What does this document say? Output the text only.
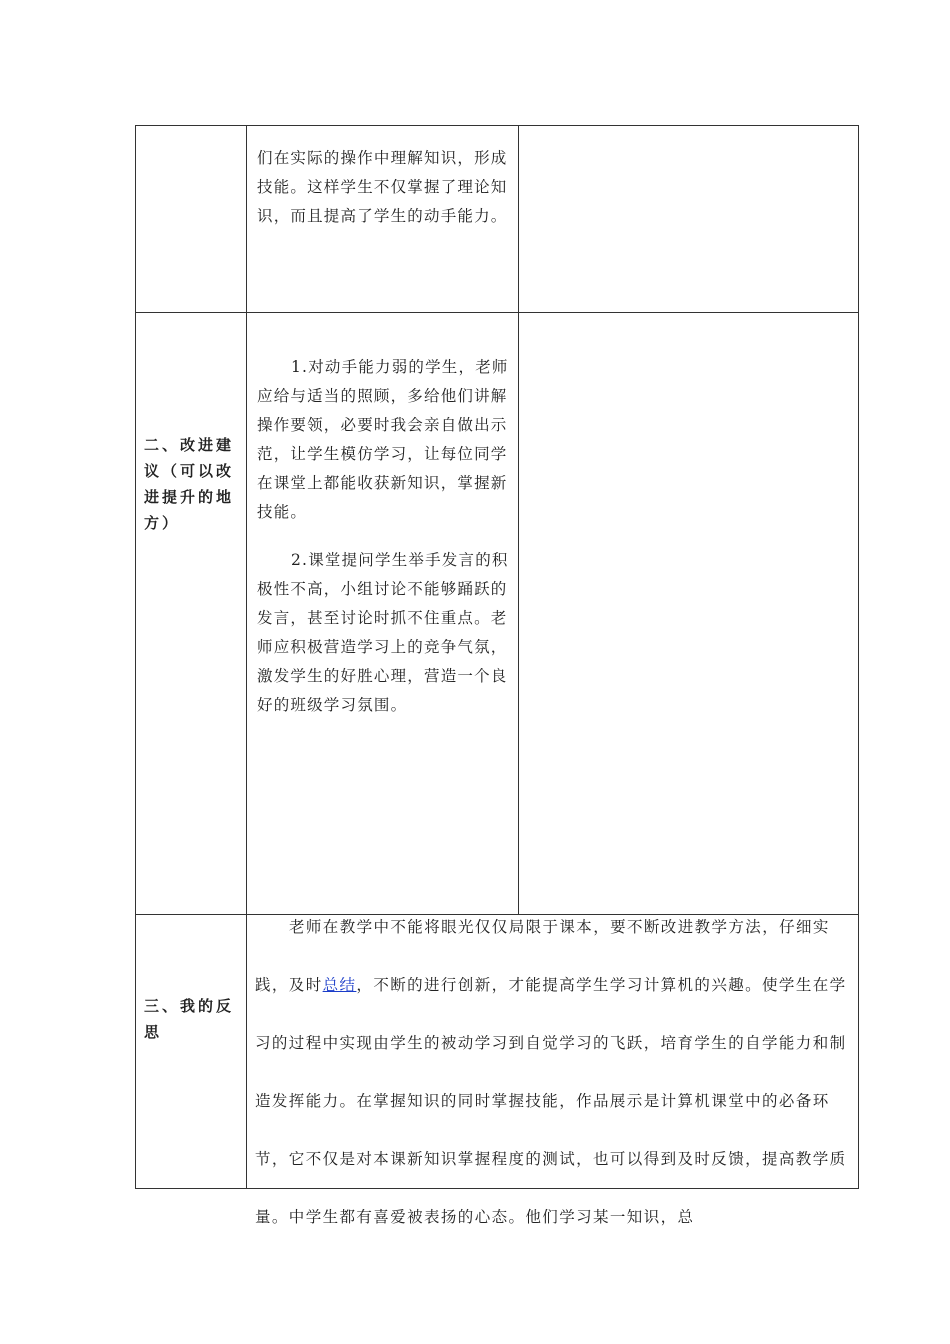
们在实际的操作中理解知识，形成技能。这样学生不仅掌握了理论知识，而且提高了学生的动手能力。
二、改进建议（可以改进提升的地方）
1.对动手能力弱的学生，老师应给与适当的照顾，多给他们讲解操作要领，必要时我会亲自做出示范，让学生模仿学习，让每位同学在课堂上都能收获新知识，掌握新技能。
2.课堂提问学生举手发言的积极性不高，小组讨论不能够踊跃的发言，甚至讨论时抓不住重点。老师应积极营造学习上的竞争气氛，激发学生的好胜心理，营造一个良好的班级学习氛围。
三、我的反思
老师在教学中不能将眼光仅仅局限于课本，要不断改进教学方法，仔细实践，及时总结，不断的进行创新，才能提高学生学习计算机的兴趣。使学生在学习的过程中实现由学生的被动学习到自觉学习的飞跃，培育学生的自学能力和制造发挥能力。在掌握知识的同时掌握技能，作品展示是计算机课堂中的必备环节，它不仅是对本课新知识掌握程度的测试，也可以得到及时反馈，提高教学质量。中学生都有喜爱被表扬的心态。他们学习某一知识，总
